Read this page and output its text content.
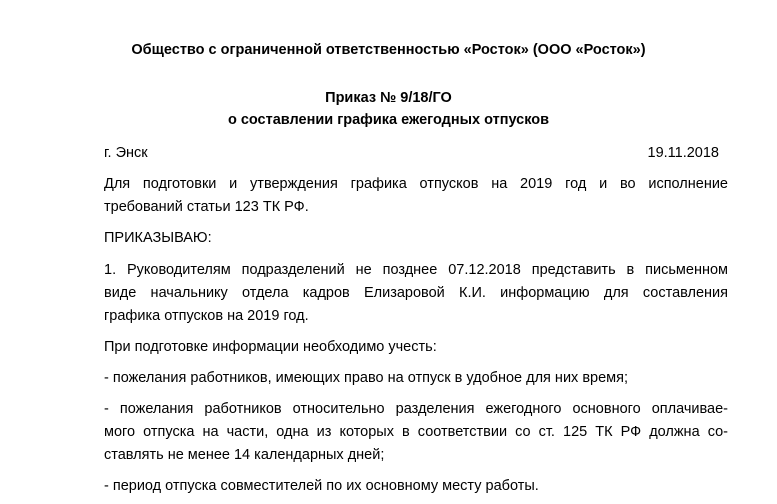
Общество с ограниченной ответственностью «Росток» (ООО «Росток»)
Приказ № 9/18/ГО
о составлении графика ежегодных отпусков
г. Энск	19.11.2018
Для подготовки и утверждения графика отпусков на 2019 год и во исполнение
требований статьи 123 ТК РФ.
ПРИКАЗЫВАЮ:
1. Руководителям подразделений не позднее 07.12.2018 представить в письменном
виде начальнику отдела кадров Елизаровой К.И. информацию для составления
графика отпусков на 2019 год.
При подготовке информации необходимо учесть:
- пожелания работников, имеющих право на отпуск в удобное для них время;
- пожелания работников относительно разделения ежегодного основного оплачивае-
мого отпуска на части, одна из которых в соответствии со ст. 125 ТК РФ должна со-
ставлять не менее 14 календарных дней;
- период отпуска совместителей по их основному месту работы.
